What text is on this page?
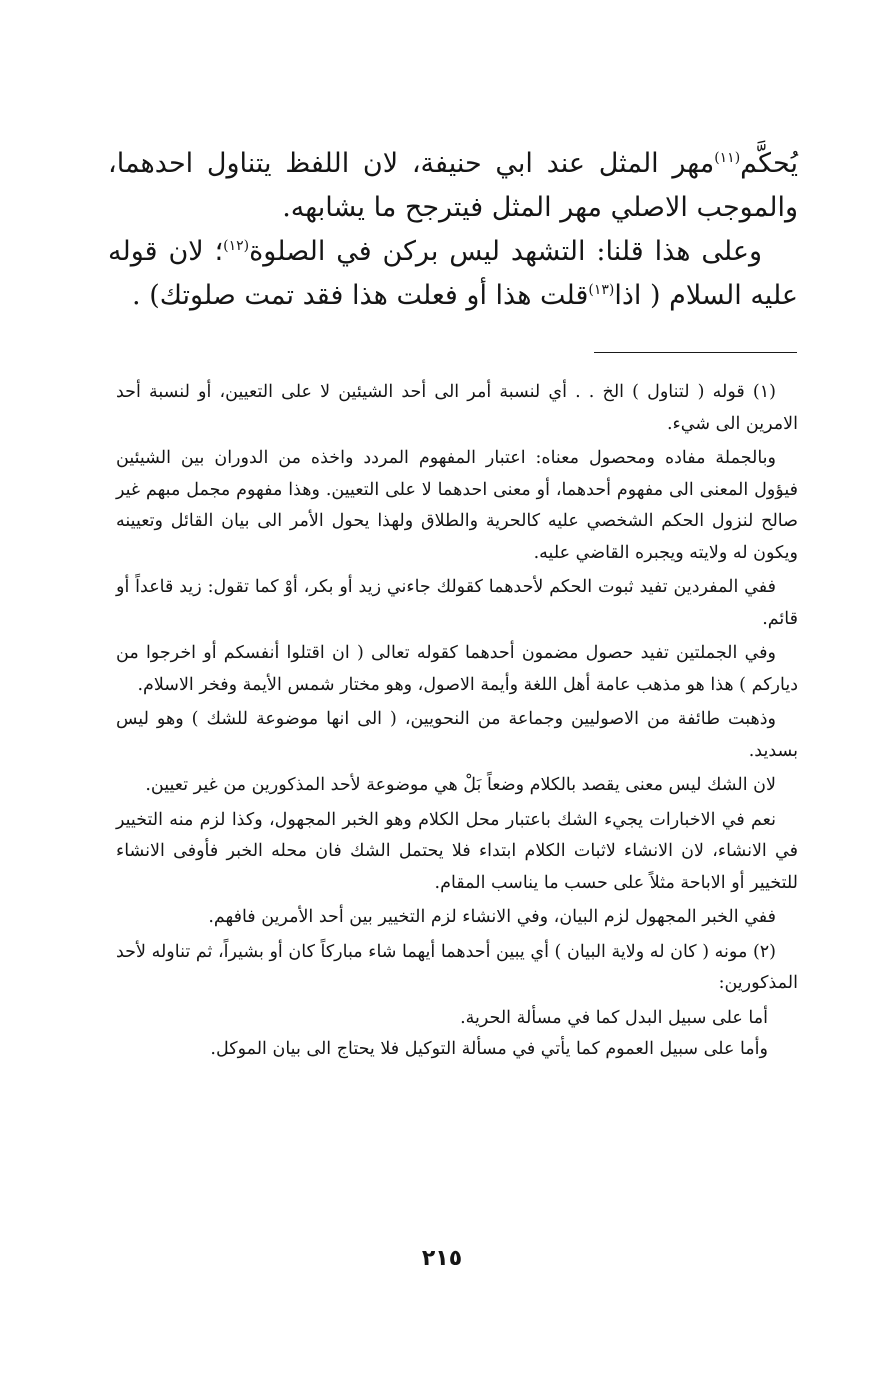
يُحكَّم$^{(١١)}$مهر المثل عند ابي حنيفة، لان اللفظ يتناول احدهما، والموجب الاصلي مهر المثل فيترجح ما يشابهه.

وعلى هذا قلنا: التشهد ليس بركن في الصلوة$^{(١٢)}$؛ لان قوله عليه السلام ( اذا$^{(١٣)}$قلت هذا أو فعلت هذا فقد تمت صلوتك) .

(١) قوله ( لتناول ) الخ . . أي لنسبة أمر الى أحد الشيئين لا على التعيين، أو لنسبة أحد الامرين الى شيء.

وبالجملة مفاده ومحصول معناه: اعتبار المفهوم المردد واخذه من الدوران بين الشيئين فيؤول المعنى الى مفهوم أحدهما، أو معنى احدهما لا على التعيين. وهذا مفهوم مجمل مبهم غير صالح لنزول الحكم الشخصي عليه كالحرية والطلاق ولهذا يحول الأمر الى بيان القائل وتعيينه ويكون له ولايته ويجبره القاضي عليه.

ففي المفردين تفيد ثبوت الحكم لأحدهما كقولك جاءني زيد أو بكر، أوْ كما تقول: زيد قاعداً أو قائم.

وفي الجملتين تفيد حصول مضمون أحدهما كقوله تعالى ( ان اقتلوا أنفسكم أو اخرجوا من دياركم ) هذا هو مذهب عامة أهل اللغة وأيمة الاصول، وهو مختار شمس الأيمة وفخر الاسلام.

وذهبت طائفة من الاصوليين وجماعة من النحويين، ( الى انها موضوعة للشك ) وهو ليس بسديد.

لان الشك ليس معنى يقصد بالكلام وضعاً بَلْ هي موضوعة لأحد المذكورين من غير تعيين.

نعم في الاخبارات يجيء الشك باعتبار محل الكلام وهو الخبر المجهول، وكذا لزم منه التخيير في الانشاء، لان الانشاء لاثبات الكلام ابتداء فلا يحتمل الشك فان محله الخبر فأوفى الانشاء للتخيير أو الاباحة مثلاً على حسب ما يناسب المقام.

ففي الخبر المجهول لزم البيان، وفي الانشاء لزم التخيير بين أحد الأمرين فافهم.

(٢) مونه ( كان له ولاية البيان ) أي يبين أحدهما أيهما شاء مباركاً كان أو بشيراً، ثم تناوله لأحد المذكورين:

أما على سبيل البدل كما في مسألة الحرية.

وأما على سبيل العموم كما يأتي في مسألة التوكيل فلا يحتاج الى بيان الموكل.

٢١٥
